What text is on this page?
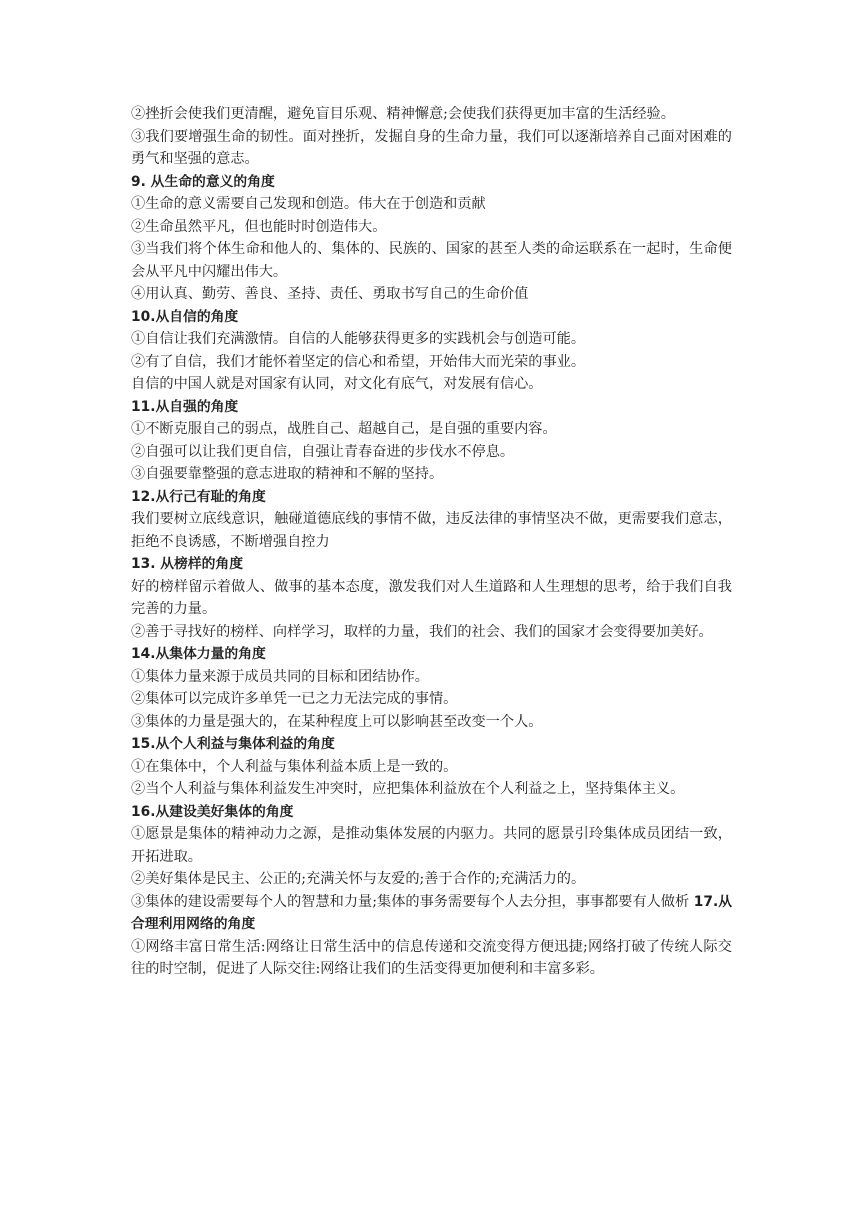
②挫折会使我们更清醒，避免盲目乐观、精神懈意;会使我们获得更加丰富的生活经验。

③我们要增强生命的韧性。面对挫折，发掘自身的生命力量，我们可以逐渐培养自己面对困难的勇气和坚强的意志。

9. 从生命的意义的角度

①生命的意义需要自己发现和创造。伟大在于创造和贡献

②生命虽然平凡，但也能时时创造伟大。

③当我们将个体生命和他人的、集体的、民族的、国家的甚至人类的命运联系在一起时，生命便会从平凡中闪耀出伟大。

④用认真、勤劳、善良、圣持、责任、勇取书写自己的生命价值

10.从自信的角度

①自信让我们充满激情。自信的人能够获得更多的实践机会与创造可能。

②有了自信，我们才能怀着坚定的信心和希望，开始伟大而光荣的事业。

自信的中国人就是对国家有认同，对文化有底气，对发展有信心。

11.从自强的角度

①不断克服自己的弱点，战胜自己、超越自己，是自强的重要内容。

②自强可以让我们更自信，自强让青春奋进的步伐水不停息。

③自强要靠整强的意志进取的精神和不解的坚持。

12.从行己有耻的角度

我们要树立底线意识，触碰道德底线的事情不做，违反法律的事情坚决不做，更需要我们意志，拒绝不良诱感，不断增强自控力

13. 从榜样的角度

好的榜样留示着做人、做事的基本态度，激发我们对人生道路和人生理想的思考，给于我们自我完善的力量。

②善于寻找好的榜样、向样学习，取样的力量，我们的社会、我们的国家才会变得要加美好。

14.从集体力量的角度

①集体力量来源于成员共同的目标和团结协作。

②集体可以完成许多单凭一已之力无法完成的事情。

③集体的力量是强大的，在某种程度上可以影响甚至改变一个人。

15.从个人利益与集体利益的角度

①在集体中，个人利益与集体利益本质上是一致的。

②当个人利益与集体利益发生冲突时，应把集体利益放在个人利益之上，坚持集体主义。

16.从建设美好集体的角度

①愿景是集体的精神动力之源，是推动集体发展的内驱力。共同的愿景引玲集体成员团结一致，开拓进取。

②美好集体是民主、公正的;充满关怀与友爱的;善于合作的;充满活力的。

③集体的建设需要每个人的智慧和力量;集体的事务需要每个人去分担，事事都要有人做析 17.从合理利用网络的角度

①网络丰富日常生活:网络让日常生活中的信息传递和交流变得方便迅捷;网络打破了传统人际交往的时空制，促进了人际交往:网络让我们的生活变得更加便利和丰富多彩。
